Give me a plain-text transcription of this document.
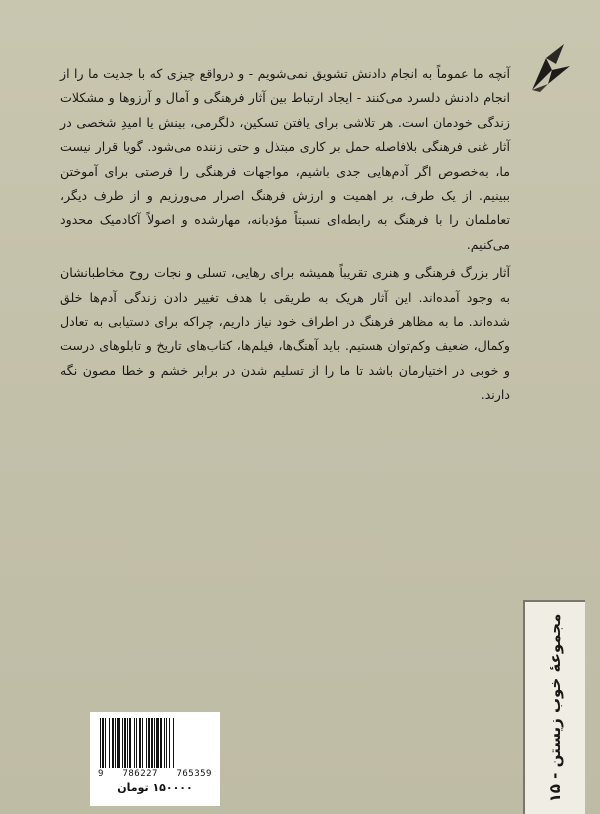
آنچه ما عموماً به انجام دادنش تشویق نمی‌شویم - و درواقع چیزی که با جدیت ما را از انجام دادنش دلسرد می‌کنند - ایجاد ارتباط بین آثار فرهنگی و آمال و آرزوها و مشکلات زندگی خودمان است. هر تلاشی برای یافتن تسکین، دلگرمی، بینش یا امیدِ شخصی در آثار غنی فرهنگی بلافاصله حمل بر کاری مبتذل و حتی زننده می‌شود. گویا قرار نیست ما، به‌خصوص اگر آدم‌هایی جدی باشیم، مواجهات فرهنگی را فرصتی برای آموختن ببینیم. از یک طرف، بر اهمیت و ارزش فرهنگ اصرار می‌ورزیم و از طرف دیگر، تعاملمان را با فرهنگ به رابطه‌ای نسبتاً مؤدبانه، مهارشده و اصولاً آکادمیک محدود می‌کنیم.

آثار بزرگ فرهنگی و هنری تقریباً همیشه برای رهایی، تسلی و نجات روح مخاطبانشان به وجود آمده‌اند. این آثار هریک به طریقی با هدف تغییر دادن زندگی آدم‌ها خلق شده‌اند. ما به مظاهر فرهنگ در اطراف خود نیاز داریم، چراکه برای دستیابی به تعادل وکمال، ضعیف وکم‌توان هستیم. باید آهنگ‌ها، فیلم‌ها، کتاب‌های تاریخ و تابلوهای درست و خوبی در اختیارمان باشد تا ما را از تسلیم شدن در برابر خشم و خطا مصون نگه دارند.

مجموعهٔ خوب زیستن - ۱۵
9 786227 765359
۱۵۰۰۰۰ تومان
